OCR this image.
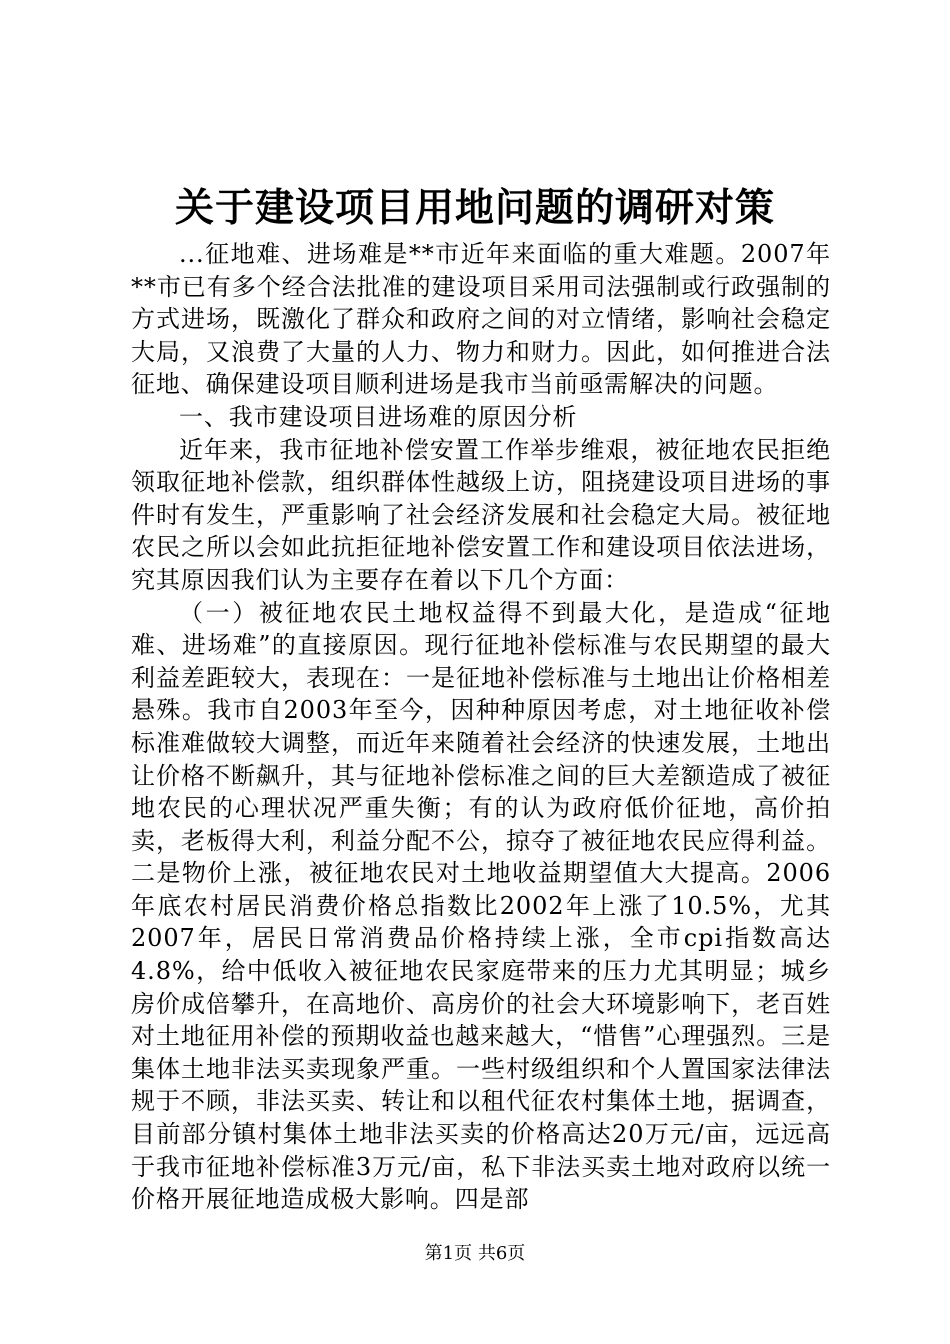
关于建设项目用地问题的调研对策

...征地难、进场难是**市近年来面临的重大难题。2007年**市已有多个经合法批准的建设项目采用司法强制或行政强制的方式进场，既激化了群众和政府之间的对立情绪，影响社会稳定大局，又浪费了大量的人力、物力和财力。因此，如何推进合法征地、确保建设项目顺利进场是我市当前亟需解决的问题。

一、我市建设项目进场难的原因分析

近年来，我市征地补偿安置工作举步维艰，被征地农民拒绝领取征地补偿款，组织群体性越级上访，阻挠建设项目进场的事件时有发生，严重影响了社会经济发展和社会稳定大局。被征地农民之所以会如此抗拒征地补偿安置工作和建设项目依法进场，究其原因我们认为主要存在着以下几个方面：

（一）被征地农民土地权益得不到最大化，是造成“征地难、进场难”的直接原因。现行征地补偿标准与农民期望的最大利益差距较大，表现在：一是征地补偿标准与土地出让价格相差悬殊。我市自2003年至今，因种种原因考虑，对土地征收补偿标准难做较大调整，而近年来随着社会经济的快速发展，土地出让价格不断飙升，其与征地补偿标准之间的巨大差额造成了被征地农民的心理状况严重失衡；有的认为政府低价征地，高价拍卖，老板得大利，利益分配不公，掠夺了被征地农民应得利益。二是物价上涨，被征地农民对土地收益期望值大大提高。2006年底农村居民消费价格总指数比2002年上涨了10.5%，尤其2007年，居民日常消费品价格持续上涨，全市cpi指数高达4.8%，给中低收入被征地农民家庭带来的压力尤其明显；城乡房价成倍攀升，在高地价、高房价的社会大环境影响下，老百姓对土地征用补偿的预期收益也越来越大，“惜售”心理强烈。三是集体土地非法买卖现象严重。一些村级组织和个人置国家法律法规于不顾，非法买卖、转让和以租代征农村集体土地，据调查，目前部分镇村集体土地非法买卖的价格高达20万元/亩，远远高于我市征地补偿标准3万元/亩，私下非法买卖土地对政府以统一价格开展征地造成极大影响。四是部

第1页 共6页
